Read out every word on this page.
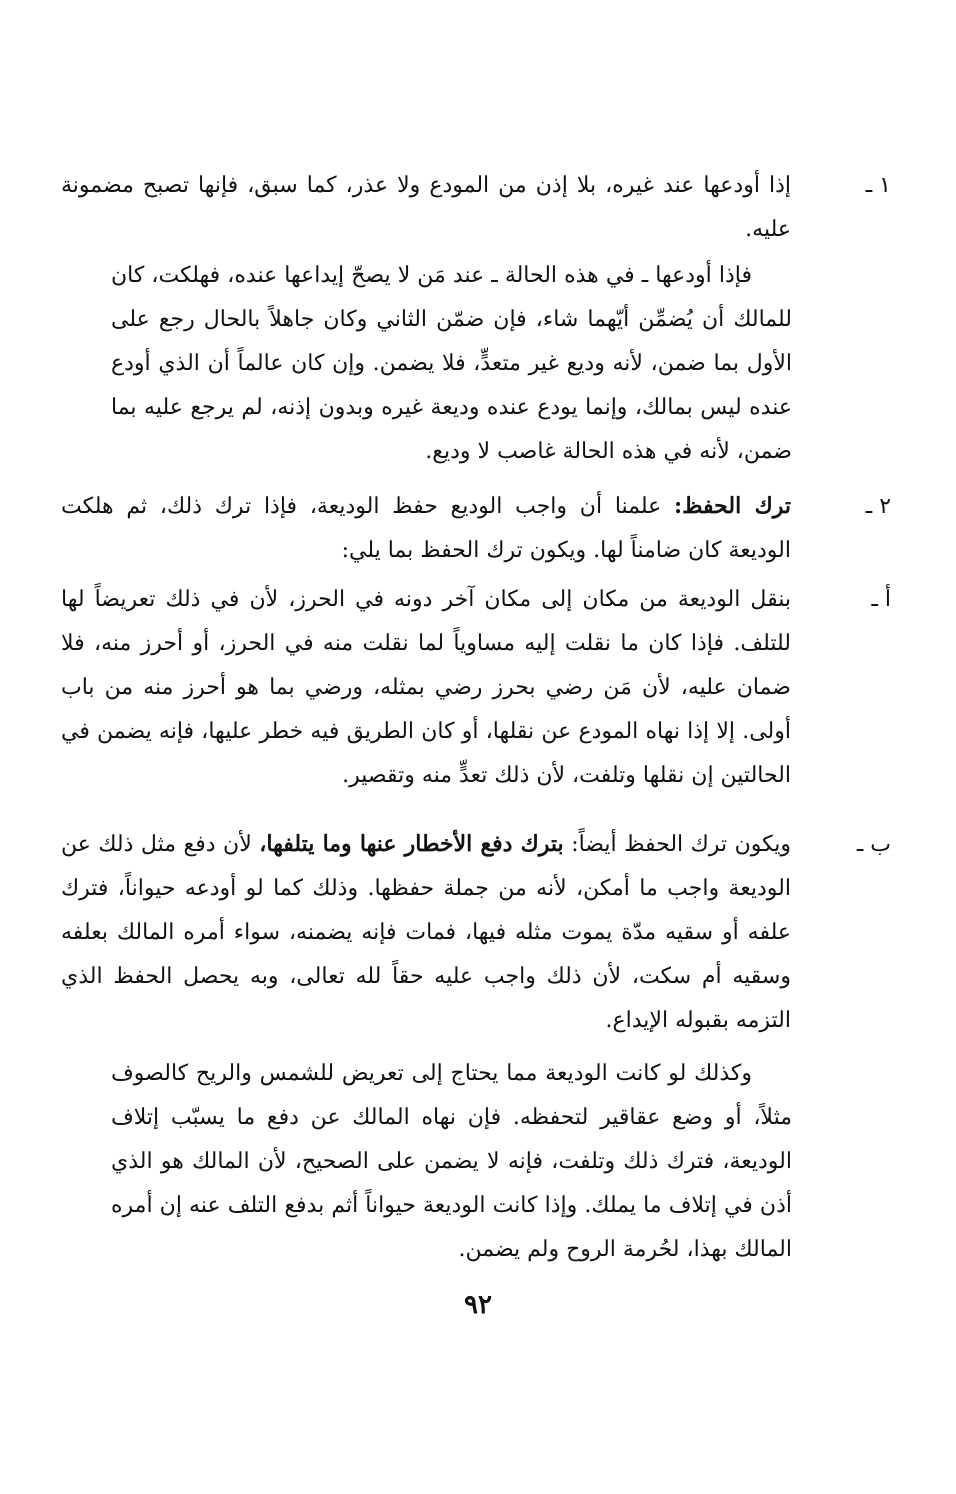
١ ـإذا أودعها عند غيره، بلا إذن من المودع ولا عذر، كما سبق، فإنها تصبح مضمونة عليه.

فإذا أودعها ـ في هذه الحالة ـ عند مَن لا يصحّ إيداعها عنده، فهلكت، كان للمالك أن يُضمِّن أيّهما شاء، فإن ضمّن الثاني وكان جاهلاً بالحال رجع على الأول بما ضمن، لأنه وديع غير متعدٍّ، فلا يضمن. وإن كان عالماً أن الذي أودع عنده ليس بمالك، وإنما يودع عنده وديعة غيره وبدون إذنه، لم يرجع عليه بما ضمن، لأنه في هذه الحالة غاصب لا وديع.

٢ ـترك الحفظ: علمنا أن واجب الوديع حفظ الوديعة، فإذا ترك ذلك، ثم هلكت الوديعة كان ضامناً لها. ويكون ترك الحفظ بما يلي:

أ ـبنقل الوديعة من مكان إلى مكان آخر دونه في الحرز، لأن في ذلك تعريضاً لها للتلف. فإذا كان ما نقلت إليه مساوياً لما نقلت منه في الحرز، أو أحرز منه، فلا ضمان عليه، لأن مَن رضي بحرز رضي بمثله، ورضي بما هو أحرز منه من باب أولى. إلا إذا نهاه المودع عن نقلها، أو كان الطريق فيه خطر عليها، فإنه يضمن في الحالتين إن نقلها وتلفت، لأن ذلك تعدٍّ منه وتقصير.

ب ـويكون ترك الحفظ أيضاً: بترك دفع الأخطار عنها وما يتلفها، لأن دفع مثل ذلك عن الوديعة واجب ما أمكن، لأنه من جملة حفظها. وذلك كما لو أودعه حيواناً، فترك علفه أو سقيه مدّة يموت مثله فيها، فمات فإنه يضمنه، سواء أمره المالك بعلفه وسقيه أم سكت، لأن ذلك واجب عليه حقاً لله تعالى، وبه يحصل الحفظ الذي التزمه بقبوله الإيداع.

وكذلك لو كانت الوديعة مما يحتاج إلى تعريض للشمس والريح كالصوف مثلاً، أو وضع عقاقير لتحفظه. فإن نهاه المالك عن دفع ما يسبّب إتلاف الوديعة، فترك ذلك وتلفت، فإنه لا يضمن على الصحيح، لأن المالك هو الذي أذن في إتلاف ما يملك. وإذا كانت الوديعة حيواناً أثم بدفع التلف عنه إن أمره المالك بهذا، لحُرمة الروح ولم يضمن.

٩٢
